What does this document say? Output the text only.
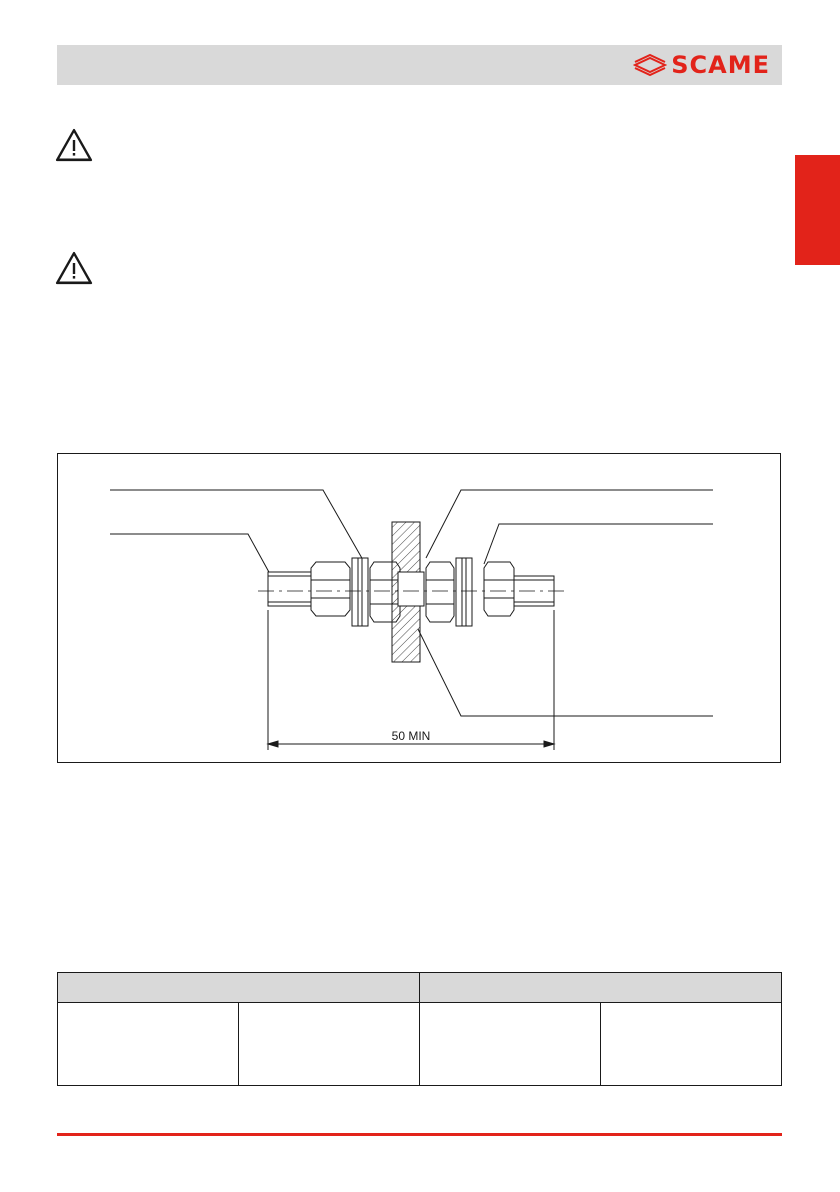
SCAME
50 MIN
